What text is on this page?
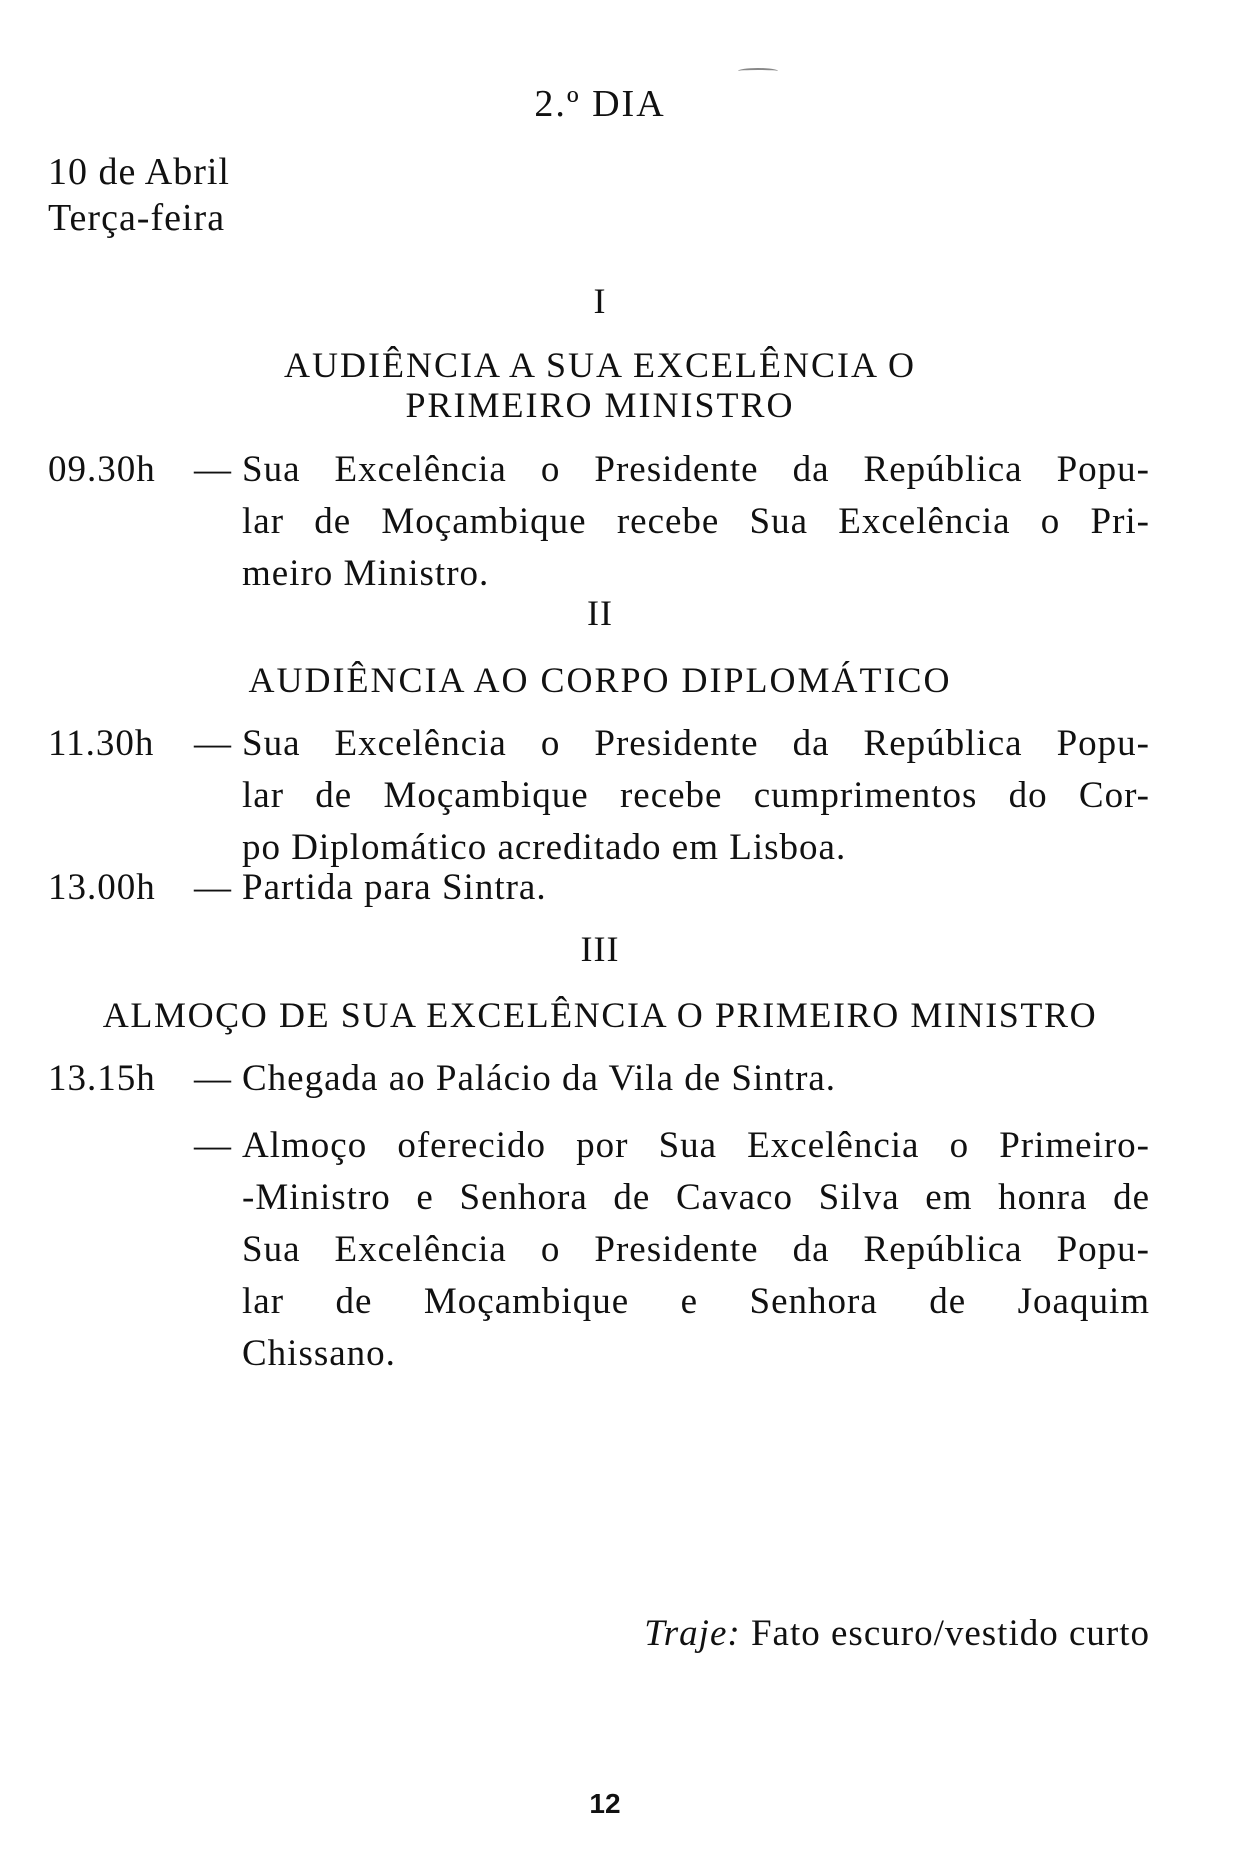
2.º DIA
10 de Abril
Terça-feira
I
AUDIÊNCIA A SUA EXCELÊNCIA O
PRIMEIRO MINISTRO
09.30h — Sua Excelência o Presidente da República Popu-
lar de Moçambique recebe Sua Excelência o Pri-
meiro Ministro.
II
AUDIÊNCIA AO CORPO DIPLOMÁTICO
11.30h — Sua Excelência o Presidente da República Popu-
lar de Moçambique recebe cumprimentos do Cor-
po Diplomático acreditado em Lisboa.
13.00h — Partida para Sintra.
III
ALMOÇO DE SUA EXCELÊNCIA O PRIMEIRO MINISTRO
13.15h — Chegada ao Palácio da Vila de Sintra.
— Almoço oferecido por Sua Excelência o Primeiro-
-Ministro e Senhora de Cavaco Silva em honra de
Sua Excelência o Presidente da República Popu-
lar de Moçambique e Senhora de Joaquim
Chissano.
Traje: Fato escuro/vestido curto
12
